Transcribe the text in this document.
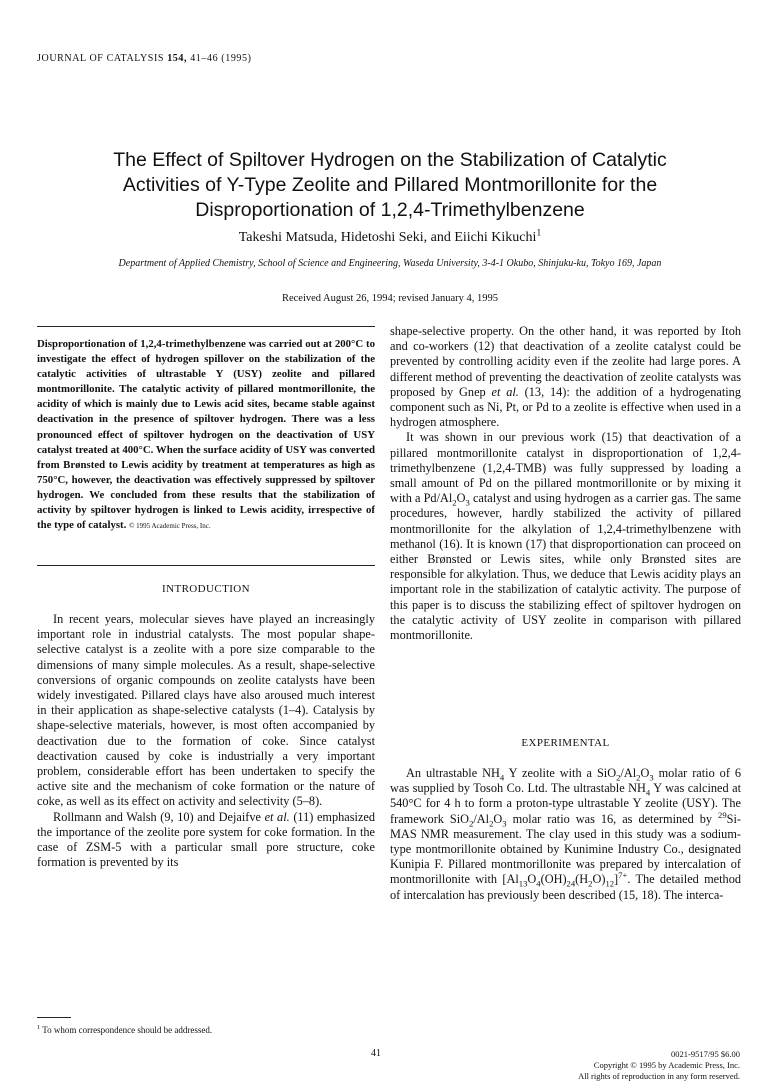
JOURNAL OF CATALYSIS 154, 41–46 (1995)
The Effect of Spiltover Hydrogen on the Stabilization of Catalytic
Activities of Y-Type Zeolite and Pillared Montmorillonite for the
Disproportionation of 1,2,4-Trimethylbenzene
Takeshi Matsuda, Hidetoshi Seki, and Eiichi Kikuchi$^1$
Department of Applied Chemistry, School of Science and Engineering, Waseda University, 3-4-1 Okubo, Shinjuku-ku, Tokyo 169, Japan
Received August 26, 1994; revised January 4, 1995
Disproportionation of 1,2,4-trimethylbenzene was carried out at 200°C to investigate the effect of hydrogen spillover on the stabilization of the catalytic activities of ultrastable Y (USY) zeolite and pillared montmorillonite. The catalytic activity of pillared montmorillonite, the acidity of which is mainly due to Lewis acid sites, became stable against deactivation in the presence of spiltover hydrogen. There was a less pronounced effect of spiltover hydrogen on the deactivation of USY catalyst treated at 400°C. When the surface acidity of USY was converted from Brønsted to Lewis acidity by treatment at temperatures as high as 750°C, however, the deactivation was effectively suppressed by spiltover hydrogen. We concluded from these results that the stabilization of activity by spiltover hydrogen is linked to Lewis acidity, irrespective of the type of catalyst. © 1995 Academic Press, Inc.
INTRODUCTION

In recent years, molecular sieves have played an increasingly important role in industrial catalysts. The most popular shape-selective catalyst is a zeolite with a pore size comparable to the dimensions of many simple molecules. As a result, shape-selective conversions of organic compounds on zeolite catalysts have been widely investigated. Pillared clays have also aroused much interest in their application as shape-selective catalysts (1–4). Catalysis by shape-selective materials, however, is most often accompanied by deactivation due to the formation of coke. Since catalyst deactivation caused by coke is industrially a very important problem, considerable effort has been undertaken to specify the active site and the mechanism of coke formation or the nature of coke, as well as its effect on activity and selectivity (5–8).

Rollmann and Walsh (9, 10) and Dejaifve et al. (11) emphasized the importance of the zeolite pore system for coke formation. In the case of ZSM-5 with a particular small pore structure, coke formation is prevented by its

$^1$ To whom correspondence should be addressed.

shape-selective property. On the other hand, it was reported by Itoh and co-workers (12) that deactivation of a zeolite catalyst could be prevented by controlling acidity even if the zeolite had large pores. A different method of preventing the deactivation of zeolite catalysts was proposed by Gnep et al. (13, 14): the addition of a hydrogenating component such as Ni, Pt, or Pd to a zeolite is effective when used in a hydrogen atmosphere.

It was shown in our previous work (15) that deactivation of a pillared montmorillonite catalyst in disproportionation of 1,2,4-trimethylbenzene (1,2,4-TMB) was fully suppressed by loading a small amount of Pd on the pillared montmorillonite or by mixing it with a $Pd/Al_2O_3$ catalyst and using hydrogen as a carrier gas. The same procedures, however, hardly stabilized the activity of pillared montmorillonite for the alkylation of 1,2,4-trimethylbenzene with methanol (16). It is known (17) that disproportionation can proceed on either Brønsted or Lewis sites, while only Brønsted sites are responsible for alkylation. Thus, we deduce that Lewis acidity plays an important role in the stabilization of catalytic activity. The purpose of this paper is to discuss the stabilizing effect of spiltover hydrogen on the catalytic activity of USY zeolite in comparison with pillared montmorillonite.

EXPERIMENTAL

An ultrastable $NH_4$ Y zeolite with a $SiO_2/Al_2O_3$ molar ratio of 6 was supplied by Tosoh Co. Ltd. The ultrastable $NH_4$ Y was calcined at 540°C for 4 h to form a proton-type ultrastable Y zeolite (USY). The framework $SiO_2/Al_2O_3$ molar ratio was 16, as determined by $^{29}$Si-MAS NMR measurement. The clay used in this study was a sodium-type montmorillonite obtained by Kunimine Industry Co., designated Kunipia F. Pillared montmorillonite was prepared by intercalation of montmorillonite with $[Al_{13}O_4(OH)_{24}(H_2O)_{12}]^{7+}$. The detailed method of intercalation has previously been described (15, 18). The interca-

41	0021-9517/95 $6.00
Copyright © 1995 by Academic Press, Inc.
All rights of reproduction in any form reserved.
